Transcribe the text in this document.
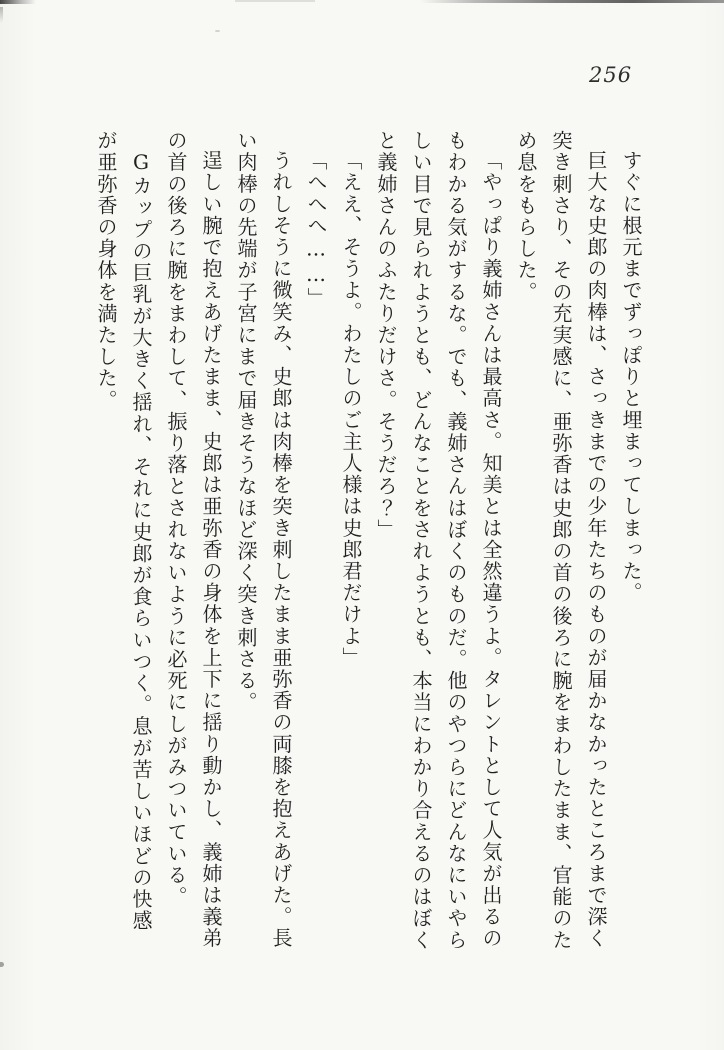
256

すぐに根元までずっぽりと埋まってしまった。

巨大な史郎の肉棒は、さっきまでの少年たちのものが届かなかったところまで深く突き刺さり、その充実感に、亜弥香は史郎の首の後ろに腕をまわしたまま、官能のため息をもらした。

「やっぱり義姉さんは最高さ。知美とは全然違うよ。タレントとして人気が出るのもわかる気がするな。でも、義姉さんはぼくのものだ。他のやつらにどんなにいやらしい目で見られようとも、どんなことをされようとも、本当にわかり合えるのはぼくと義姉さんのふたりだけさ。そうだろ？」

「ええ、そうよ。わたしのご主人様は史郎君だけよ」

「へへへ……」

うれしそうに微笑み、史郎は肉棒を突き刺したまま亜弥香の両膝を抱えあげた。長い肉棒の先端が子宮にまで届きそうなほど深く突き刺さる。

逞しい腕で抱えあげたまま、史郎は亜弥香の身体を上下に揺り動かし、義姉は義弟の首の後ろに腕をまわして、振り落とされないように必死にしがみついている。

Gカップの巨乳が大きく揺れ、それに史郎が食らいつく。息が苦しいほどの快感が亜弥香の身体を満たした。
